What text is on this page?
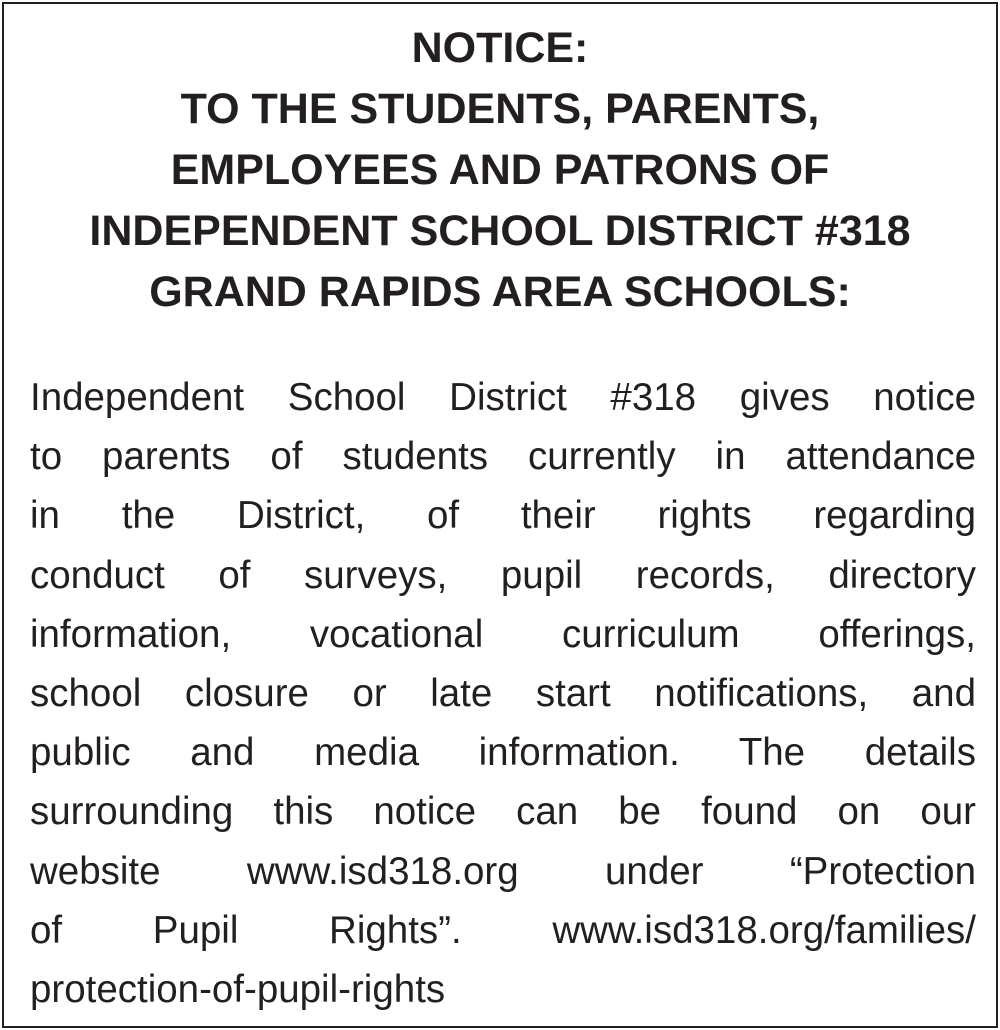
NOTICE:
TO THE STUDENTS, PARENTS,
EMPLOYEES AND PATRONS OF
INDEPENDENT SCHOOL DISTRICT #318
GRAND RAPIDS AREA SCHOOLS:
Independent School District #318 gives notice
to parents of students currently in attendance
in the District, of their rights regarding
conduct of surveys, pupil records, directory
information, vocational curriculum offerings,
school closure or late start notifications, and
public and media information. The details
surrounding this notice can be found on our
website www.isd318.org under “Protection
of Pupil Rights”. www.isd318.org/families/
protection-of-pupil-rights
